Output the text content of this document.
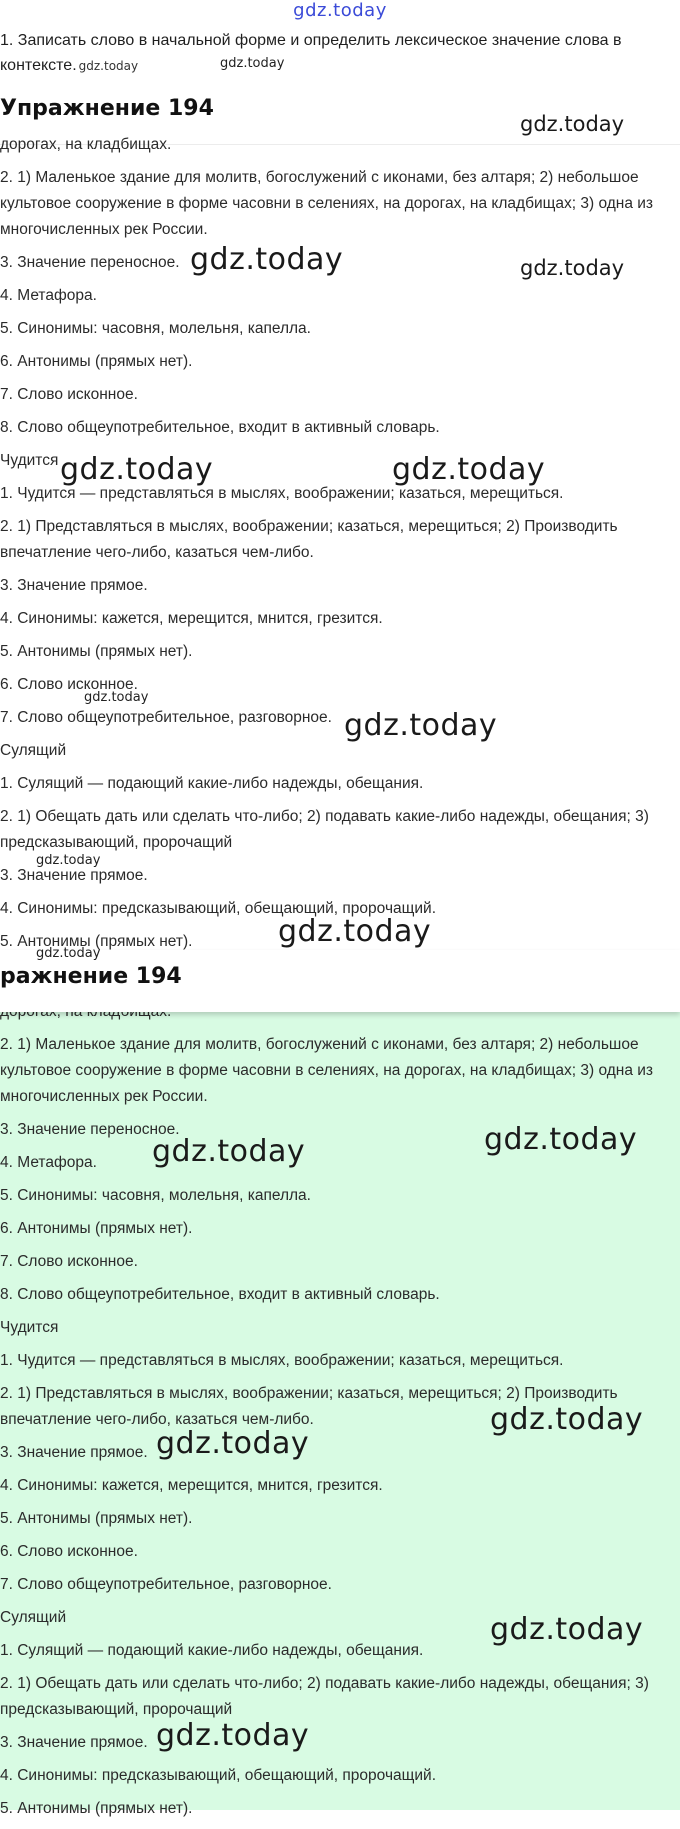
gdz.today
1. Записать слово в начальной форме и определить лексическое значение слова в контексте. gdz.today	gdz.today
Упражнение 194
gdz.today
дорогах, на кладбищах.
2. 1) Маленькое здание для молитв, богослужений с иконами, без алтаря; 2) небольшое культовое сооружение в форме часовни в селениях, на дорогах, на кладбищах; 3) одна из многочисленных рек России.
3. Значение переносное.
4. Метафора.
5. Синонимы: часовня, молельня, капелла.
6. Антонимы (прямых нет).
7. Слово исконное.
8. Слово общеупотребительное, входит в активный словарь.
Чудится
1. Чудится — представляться в мыслях, воображении; казаться, мерещиться.
2. 1) Представляться в мыслях, воображении; казаться, мерещиться; 2) Производить впечатление чего-либо, казаться чем-либо.
3. Значение прямое.
4. Синонимы: кажется, мерещится, мнится, грезится.
5. Антонимы (прямых нет).
6. Слово исконное.
7. Слово общеупотребительное, разговорное.
Сулящий
1. Сулящий — подающий какие-либо надежды, обещания.
2. 1) Обещать дать или сделать что-либо; 2) подавать какие-либо надежды, обещания; 3) предсказывающий, пророчащий
3. Значение прямое.
4. Синонимы: предсказывающий, обещающий, пророчащий.
5. Антонимы (прямых нет).
gdz.today	gdz.today
gdz.today	gdz.today
gdz.today
gdz.today
gdz.today
gdz.today
gdz.today
ражнение 194
2. 1) Маленькое здание для молитв, богослужений с иконами, без алтаря; 2) небольшое культовое сооружение в форме часовни в селениях, на дорогах, на кладбищах; 3) одна из многочисленных рек России.
3. Значение переносное.
4. Метафора.
5. Синонимы: часовня, молельня, капелла.
6. Антонимы (прямых нет).
7. Слово исконное.
8. Слово общеупотребительное, входит в активный словарь.
Чудится
1. Чудится — представляться в мыслях, воображении; казаться, мерещиться.
2. 1) Представляться в мыслях, воображении; казаться, мерещиться; 2) Производить впечатление чего-либо, казаться чем-либо.
3. Значение прямое.
4. Синонимы: кажется, мерещится, мнится, грезится.
5. Антонимы (прямых нет).
6. Слово исконное.
7. Слово общеупотребительное, разговорное.
Сулящий
1. Сулящий — подающий какие-либо надежды, обещания.
2. 1) Обещать дать или сделать что-либо; 2) подавать какие-либо надежды, обещания; 3) предсказывающий, пророчащий
3. Значение прямое.
4. Синонимы: предсказывающий, обещающий, пророчащий.
5. Антонимы (прямых нет).
gdz.today	gdz.today
gdz.today
gdz.today
gdz.today
gdz.today
